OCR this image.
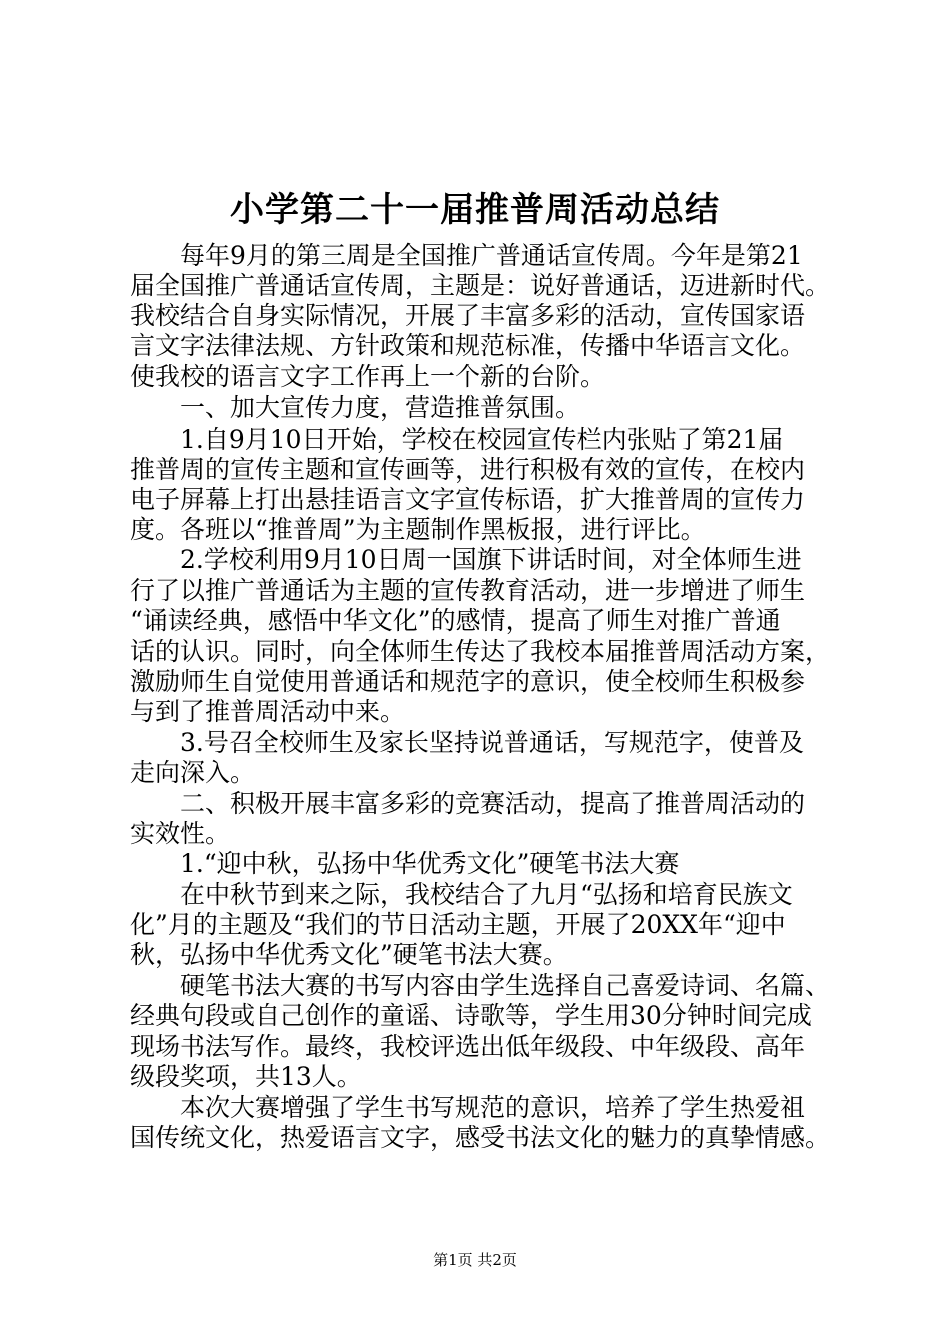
小学第二十一届推普周活动总结

每年9月的第三周是全国推广普通话宣传周。今年是第21

届全国推广普通话宣传周，主题是：说好普通话，迈进新时代。

我校结合自身实际情况，开展了丰富多彩的活动，宣传国家语

言文字法律法规、方针政策和规范标准，传播中华语言文化。

使我校的语言文字工作再上一个新的台阶。

一、加大宣传力度，营造推普氛围。

1.自9月10日开始，学校在校园宣传栏内张贴了第21届

推普周的宣传主题和宣传画等，进行积极有效的宣传，在校内

电子屏幕上打出悬挂语言文字宣传标语，扩大推普周的宣传力

度。各班以“推普周”为主题制作黑板报，进行评比。

2.学校利用9月10日周一国旗下讲话时间，对全体师生进

行了以推广普通话为主题的宣传教育活动，进一步增进了师生

“诵读经典，感悟中华文化”的感情，提高了师生对推广普通

话的认识。同时，向全体师生传达了我校本届推普周活动方案，

激励师生自觉使用普通话和规范字的意识，使全校师生积极参

与到了推普周活动中来。

3.号召全校师生及家长坚持说普通话，写规范字，使普及

走向深入。

二、积极开展丰富多彩的竞赛活动，提高了推普周活动的

实效性。

1.“迎中秋，弘扬中华优秀文化”硬笔书法大赛

在中秋节到来之际，我校结合了九月“弘扬和培育民族文

化”月的主题及“我们的节日活动主题，开展了20XX年“迎中

秋，弘扬中华优秀文化”硬笔书法大赛。

硬笔书法大赛的书写内容由学生选择自己喜爱诗词、名篇、

经典句段或自己创作的童谣、诗歌等，学生用30分钟时间完成

现场书法写作。最终，我校评选出低年级段、中年级段、高年

级段奖项，共13人。

本次大赛增强了学生书写规范的意识，培养了学生热爱祖

国传统文化，热爱语言文字，感受书法文化的魅力的真挚情感。

第1页 共2页
